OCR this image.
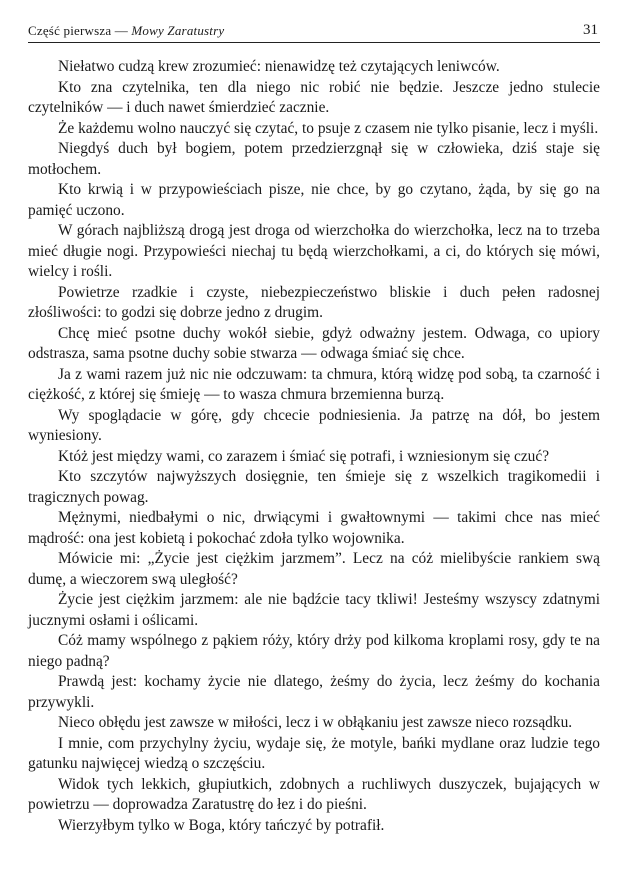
Część pierwsza — Mowy Zaratustry	31

Niełatwo cudzą krew zrozumieć: nienawidzę też czytających leniwców.

Kto zna czytelnika, ten dla niego nic robić nie będzie. Jeszcze jedno stulecie czytelników — i duch nawet śmierdzieć zacznie.

Że każdemu wolno nauczyć się czytać, to psuje z czasem nie tylko pisanie, lecz i myśli.

Niegdyś duch był bogiem, potem przedzierzgnął się w człowieka, dziś staje się motłochem.

Kto krwią i w przypowieściach pisze, nie chce, by go czytano, żąda, by się go na pamięć uczono.

W górach najbliższą drogą jest droga od wierzchołka do wierzchołka, lecz na to trzeba mieć długie nogi. Przypowieści niechaj tu będą wierzchołkami, a ci, do których się mówi, wielcy i rośli.

Powietrze rzadkie i czyste, niebezpieczeństwo bliskie i duch pełen radosnej złośliwości: to godzi się dobrze jedno z drugim.

Chcę mieć psotne duchy wokół siebie, gdyż odważny jestem. Odwaga, co upiory odstrasza, sama psotne duchy sobie stwarza — odwaga śmiać się chce.

Ja z wami razem już nic nie odczuwam: ta chmura, którą widzę pod sobą, ta czarność i ciężkość, z której się śmieję — to wasza chmura brzemienna burzą.

Wy spoglądacie w górę, gdy chcecie podniesienia. Ja patrzę na dół, bo jestem wyniesiony.

Któż jest między wami, co zarazem i śmiać się potrafi, i wzniesionym się czuć?

Kto szczytów najwyższych dosięgnie, ten śmieje się z wszelkich tragikomedii i tragicznych powag.

Mężnymi, niedbałymi o nic, drwiącymi i gwałtownymi — takimi chce nas mieć mądrość: ona jest kobietą i pokochać zdoła tylko wojownika.

Mówicie mi: „Życie jest ciężkim jarzmem”. Lecz na cóż mielibyście rankiem swą dumę, a wieczorem swą uległość?

Życie jest ciężkim jarzmem: ale nie bądźcie tacy tkliwi! Jesteśmy wszyscy zdatnymi jucznymi osłami i oślicami.

Cóż mamy wspólnego z pąkiem róży, który drży pod kilkoma kroplami rosy, gdy te na niego padną?

Prawdą jest: kochamy życie nie dlatego, żeśmy do życia, lecz żeśmy do kochania przywykli.

Nieco obłędu jest zawsze w miłości, lecz i w obłąkaniu jest zawsze nieco rozsądku.

I mnie, com przychylny życiu, wydaje się, że motyle, bańki mydlane oraz ludzie tego gatunku najwięcej wiedzą o szczęściu.

Widok tych lekkich, głupiutkich, zdobnych a ruchliwych duszyczek, bujających w powietrzu — doprowadza Zaratustrę do łez i do pieśni.

Wierzyłbym tylko w Boga, który tańczyć by potrafił.
